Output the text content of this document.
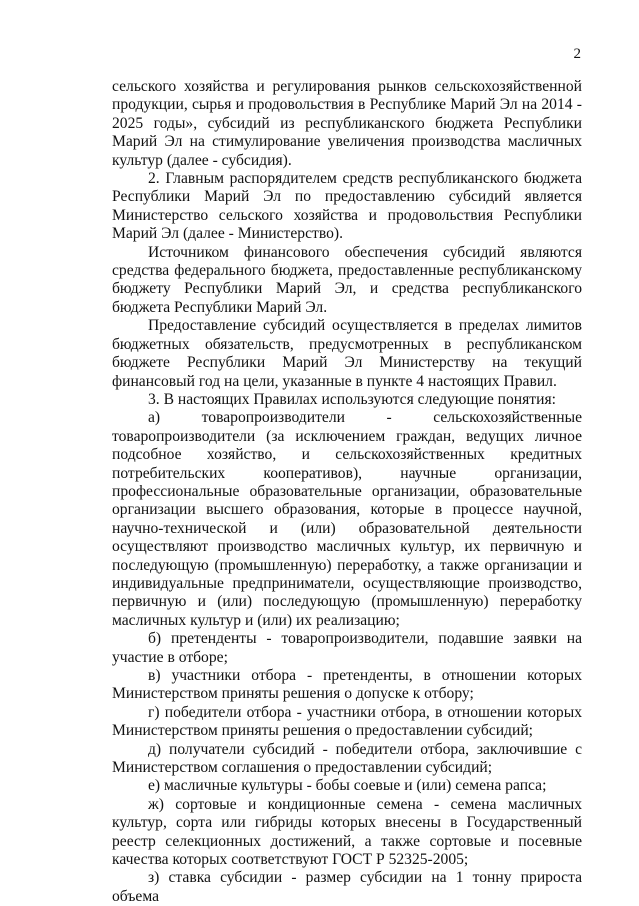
2

сельского хозяйства и регулирования рынков сельскохозяйственной продукции, сырья и продовольствия в Республике Марий Эл на 2014 - 2025 годы», субсидий из республиканского бюджета Республики Марий Эл на стимулирование увеличения производства масличных культур (далее - субсидия).

2. Главным распорядителем средств республиканского бюджета Республики Марий Эл по предоставлению субсидий является Министерство сельского хозяйства и продовольствия Республики Марий Эл (далее - Министерство).

Источником финансового обеспечения субсидий являются средства федерального бюджета, предоставленные республиканскому бюджету Республики Марий Эл, и средства республиканского бюджета Республики Марий Эл.

Предоставление субсидий осуществляется в пределах лимитов бюджетных обязательств, предусмотренных в республиканском бюджете Республики Марий Эл Министерству на текущий финансовый год на цели, указанные в пункте 4 настоящих Правил.

3. В настоящих Правилах используются следующие понятия:

а) товаропроизводители - сельскохозяйственные товаропроизводители (за исключением граждан, ведущих личное подсобное хозяйство, и сельскохозяйственных кредитных потребительских кооперативов), научные организации, профессиональные образовательные организации, образовательные организации высшего образования, которые в процессе научной, научно-технической и (или) образовательной деятельности осуществляют производство масличных культур, их первичную и последующую (промышленную) переработку, а также организации и индивидуальные предприниматели, осуществляющие производство, первичную и (или) последующую (промышленную) переработку масличных культур и (или) их реализацию;

б) претенденты - товаропроизводители, подавшие заявки на участие в отборе;

в) участники отбора - претенденты, в отношении которых Министерством приняты решения о допуске к отбору;

г) победители отбора - участники отбора, в отношении которых Министерством приняты решения о предоставлении субсидий;

д) получатели субсидий - победители отбора, заключившие с Министерством соглашения о предоставлении субсидий;

е) масличные культуры - бобы соевые и (или) семена рапса;

ж) сортовые и кондиционные семена - семена масличных культур, сорта или гибриды которых внесены в Государственный реестр селекционных достижений, а также сортовые и посевные качества которых соответствуют ГОСТ Р 52325-2005;

з) ставка субсидии - размер субсидии на 1 тонну прироста объема
